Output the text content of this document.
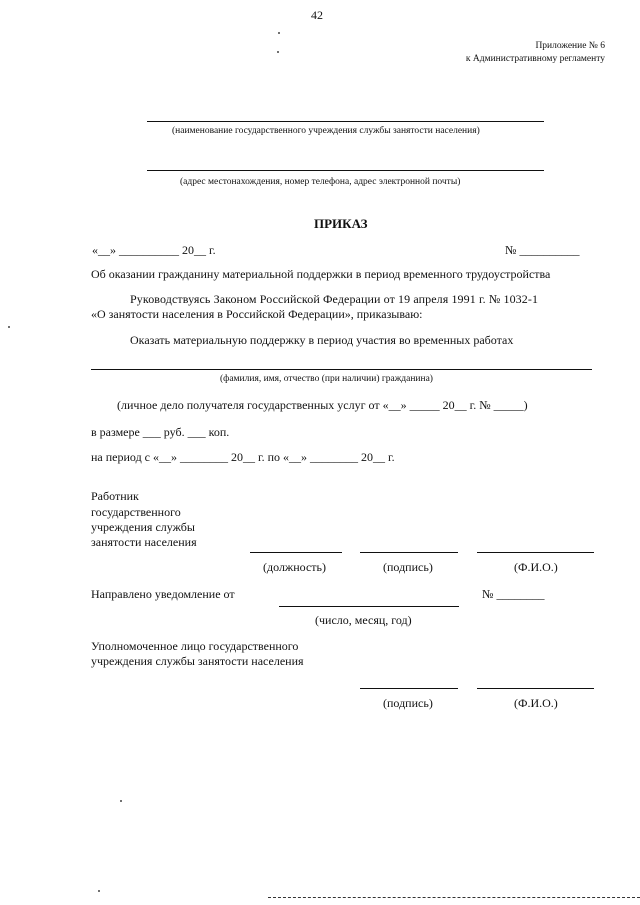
42
Приложение № 6
к Административному регламенту
(наименование государственного учреждения службы занятости населения)
(адрес местонахождения, номер телефона, адрес электронной почты)
ПРИКАЗ
«__» __________ 20__ г.	№ __________
Об оказании гражданину материальной поддержки в период временного трудоустройства
Руководствуясь Законом Российской Федерации от 19 апреля 1991 г. № 1032-1
«О занятости населения в Российской Федерации», приказываю:
Оказать материальную поддержку в период участия во временных работах
(фамилия, имя, отчество (при наличии) гражданина)
(личное дело получателя государственных услуг от «__» _____ 20__ г. № _____)
в размере ___ руб. ___ коп.
на период с «__» ________ 20__ г. по «__» ________ 20__ г.
Работник
государственного
учреждения службы
занятости населения
(должность)	(подпись)	(Ф.И.О.)
Направлено уведомление от	№ ________
(число, месяц, год)
Уполномоченное лицо государственного
учреждения службы занятости населения
(подпись)	(Ф.И.О.)
